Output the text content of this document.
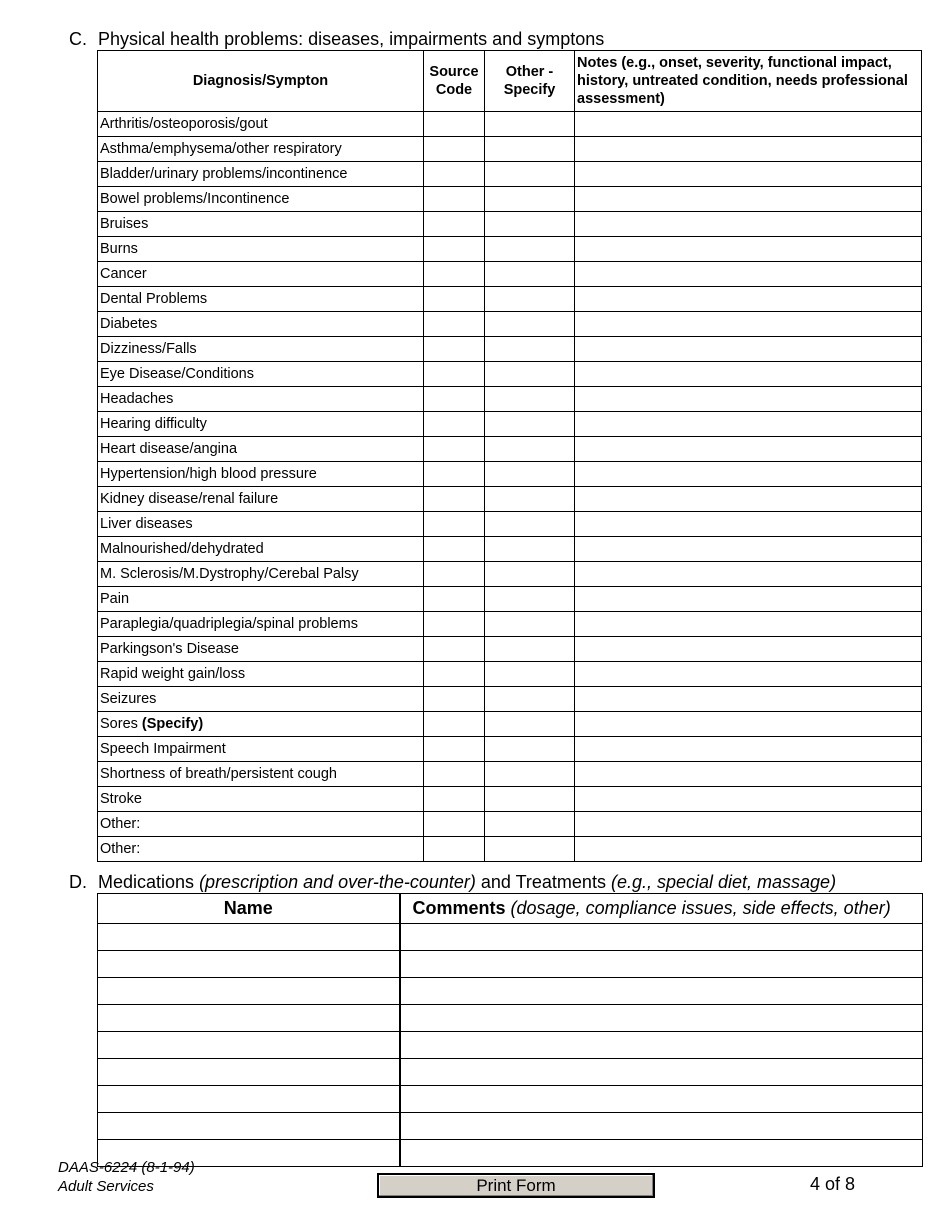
C. Physical health problems: diseases, impairments and symptons
Diagnosis/Sympton	Source Code	Other - Specify	Notes (e.g., onset, severity, functional impact, history, untreated condition, needs professional assessment)
Arthritis/osteoporosis/gout			
Asthma/emphysema/other respiratory			
Bladder/urinary problems/incontinence			
Bowel problems/Incontinence			
Bruises			
Burns			
Cancer			
Dental Problems			
Diabetes			
Dizziness/Falls			
Eye Disease/Conditions			
Headaches			
Hearing difficulty			
Heart disease/angina			
Hypertension/high blood pressure			
Kidney disease/renal failure			
Liver diseases			
Malnourished/dehydrated			
M. Sclerosis/M.Dystrophy/Cerebal Palsy			
Pain			
Paraplegia/quadriplegia/spinal problems			
Parkingson's Disease			
Rapid weight gain/loss			
Seizures			
Sores (Specify)			
Speech Impairment			
Shortness of breath/persistent cough			
Stroke			
Other:			
Other:			
D. Medications (prescription and over-the-counter) and Treatments (e.g., special diet, massage)
Name	Comments (dosage, compliance issues, side effects, other)

DAAS-6224 (8-1-94)
Adult Services	Print Form	4 of 8
